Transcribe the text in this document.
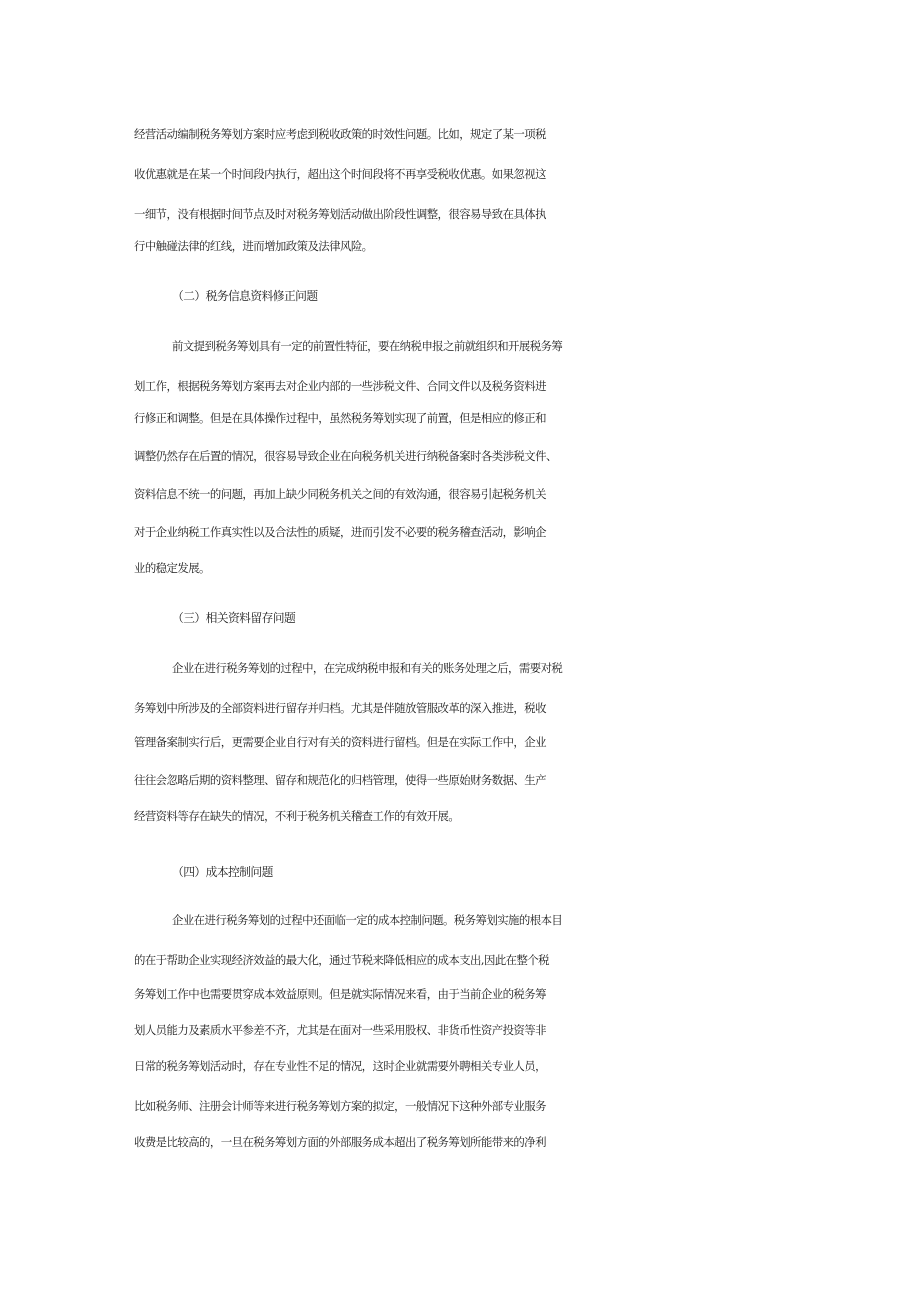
经营活动编制税务筹划方案时应考虑到税收政策的时效性问题。比如，规定了某一项税
收优惠就是在某一个时间段内执行，超出这个时间段将不再享受税收优惠。如果忽视这
一细节，没有根据时间节点及时对税务筹划活动做出阶段性调整，很容易导致在具体执
行中触碰法律的红线，进而增加政策及法律风险。
（二）税务信息资料修正问题
前文提到税务筹划具有一定的前置性特征，要在纳税申报之前就组织和开展税务筹
划工作，根据税务筹划方案再去对企业内部的一些涉税文件、合同文件以及税务资料进
行修正和调整。但是在具体操作过程中，虽然税务筹划实现了前置，但是相应的修正和
调整仍然存在后置的情况，很容易导致企业在向税务机关进行纳税备案时各类涉税文件、
资料信息不统一的问题，再加上缺少同税务机关之间的有效沟通，很容易引起税务机关
对于企业纳税工作真实性以及合法性的质疑，进而引发不必要的税务稽查活动，影响企
业的稳定发展。
（三）相关资料留存问题
企业在进行税务筹划的过程中，在完成纳税申报和有关的账务处理之后，需要对税
务筹划中所涉及的全部资料进行留存并归档。尤其是伴随放管服改革的深入推进，税收
管理备案制实行后，更需要企业自行对有关的资料进行留档。但是在实际工作中，企业
往往会忽略后期的资料整理、留存和规范化的归档管理，使得一些原始财务数据、生产
经营资料等存在缺失的情况，不利于税务机关稽查工作的有效开展。
（四）成本控制问题
企业在进行税务筹划的过程中还面临一定的成本控制问题。税务筹划实施的根本目
的在于帮助企业实现经济效益的最大化，通过节税来降低相应的成本支出,因此在整个税
务筹划工作中也需要贯穿成本效益原则。但是就实际情况来看，由于当前企业的税务筹
划人员能力及素质水平参差不齐，尤其是在面对一些采用股权、非货币性资产投资等非
日常的税务筹划活动时，存在专业性不足的情况，这时企业就需要外聘相关专业人员，
比如税务师、注册会计师等来进行税务筹划方案的拟定，一般情况下这种外部专业服务
收费是比较高的，一旦在税务筹划方面的外部服务成本超出了税务筹划所能带来的净利
